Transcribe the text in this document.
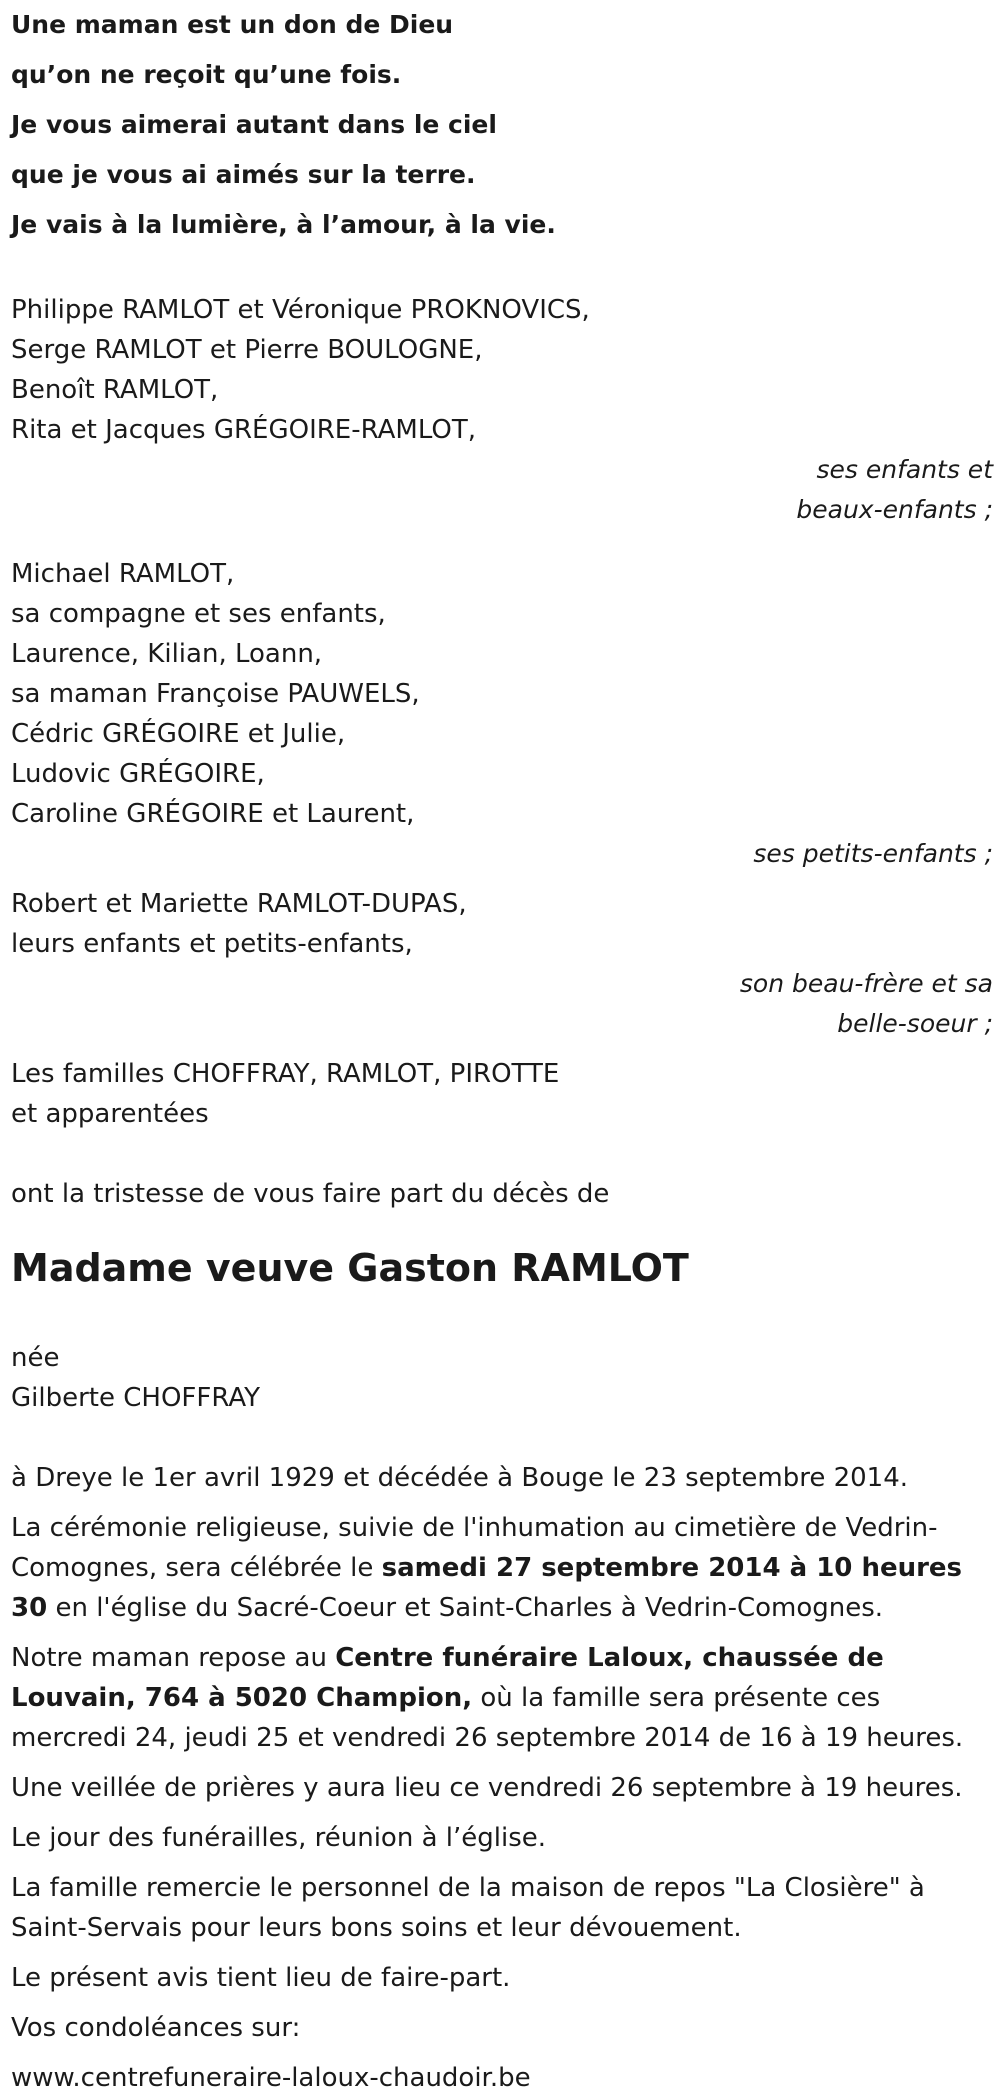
Une maman est un don de Dieu
qu’on ne reçoit qu’une fois.
Je vous aimerai autant dans le ciel
que je vous ai aimés sur la terre.
Je vais à la lumière, à l’amour, à la vie.
Philippe RAMLOT et Véronique PROKNOVICS,
Serge RAMLOT et Pierre BOULOGNE,
Benoît RAMLOT,
Rita et Jacques GRÉGOIRE-RAMLOT,
ses enfants et
beaux-enfants ;
Michael RAMLOT,
sa compagne et ses enfants,
Laurence, Kilian, Loann,
sa maman Françoise PAUWELS,
Cédric GRÉGOIRE et Julie,
Ludovic GRÉGOIRE,
Caroline GRÉGOIRE et Laurent,
ses petits-enfants ;
Robert et Mariette RAMLOT-DUPAS,
leurs enfants et petits-enfants,
son beau-frère et sa
belle-soeur ;
Les familles CHOFFRAY, RAMLOT, PIROTTE
et apparentées
ont la tristesse de vous faire part du décès de
Madame veuve Gaston RAMLOT
née
Gilberte CHOFFRAY
à Dreye le 1er avril 1929 et décédée à Bouge le 23 septembre 2014.
La cérémonie religieuse, suivie de l'inhumation au cimetière de Vedrin-Comognes, sera célébrée le samedi 27 septembre 2014 à 10 heures 30 en l'église du Sacré-Coeur et Saint-Charles à Vedrin-Comognes.
Notre maman repose au Centre funéraire Laloux, chaussée de Louvain, 764 à 5020 Champion, où la famille sera présente ces mercredi 24, jeudi 25 et vendredi 26 septembre 2014 de 16 à 19 heures.
Une veillée de prières y aura lieu ce vendredi 26 septembre à 19 heures.
Le jour des funérailles, réunion à l’église.
La famille remercie le personnel de la maison de repos "La Closière" à Saint-Servais pour leurs bons soins et leur dévouement.
Le présent avis tient lieu de faire-part.
Vos condoléances sur:
www.centrefuneraire-laloux-chaudoir.be
